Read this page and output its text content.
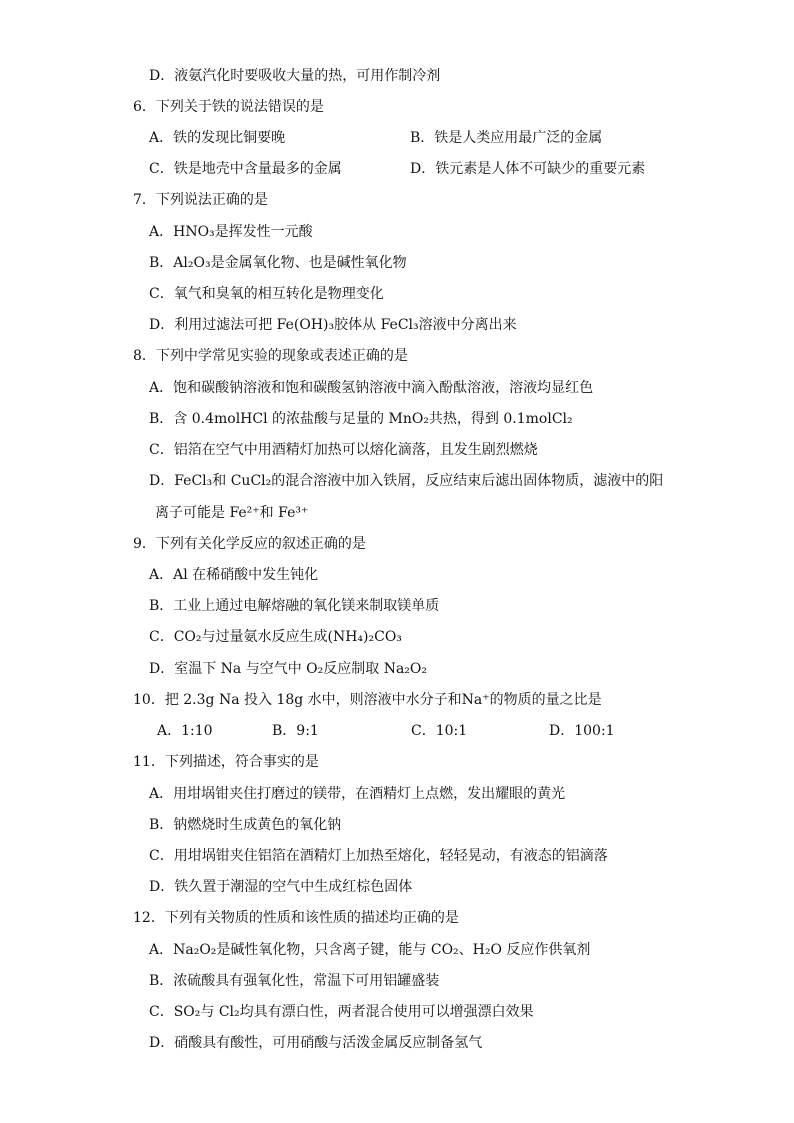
D．液氨汽化时要吸收大量的热，可用作制冷剂
6．下列关于铁的说法错误的是
A．铁的发现比铜要晚	B．铁是人类应用最广泛的金属
C．铁是地壳中含量最多的金属	D．铁元素是人体不可缺少的重要元素
7．下列说法正确的是
A．HNO₃是挥发性一元酸
B．Al₂O₃是金属氧化物、也是碱性氧化物
C．氧气和臭氧的相互转化是物理变化
D．利用过滤法可把 Fe(OH)₃胶体从 FeCl₃溶液中分离出来
8．下列中学常见实验的现象或表述正确的是
A．饱和碳酸钠溶液和饱和碳酸氢钠溶液中滴入酚酞溶液，溶液均显红色
B．含 0.4molHCl 的浓盐酸与足量的 MnO₂共热，得到 0.1molCl₂
C．铝箔在空气中用酒精灯加热可以熔化滴落，且发生剧烈燃烧
D．FeCl₃和 CuCl₂的混合溶液中加入铁屑，反应结束后滤出固体物质，滤液中的阳
离子可能是 Fe²⁺和 Fe³⁺
9．下列有关化学反应的叙述正确的是
A．Al 在稀硝酸中发生钝化
B．工业上通过电解熔融的氧化镁来制取镁单质
C．CO₂与过量氨水反应生成(NH₄)₂CO₃
D．室温下 Na 与空气中 O₂反应制取 Na₂O₂
10．把 2.3g Na 投入 18g 水中，则溶液中水分子和Na⁺的物质的量之比是
A．1:10	B．9:1	C．10:1	D．100:1
11．下列描述，符合事实的是
A．用坩埚钳夹住打磨过的镁带，在酒精灯上点燃，发出耀眼的黄光
B．钠燃烧时生成黄色的氧化钠
C．用坩埚钳夹住铝箔在酒精灯上加热至熔化，轻轻晃动，有液态的铝滴落
D．铁久置于潮湿的空气中生成红棕色固体
12．下列有关物质的性质和该性质的描述均正确的是
A．Na₂O₂是碱性氧化物，只含离子键，能与 CO₂、H₂O 反应作供氧剂
B．浓硫酸具有强氧化性，常温下可用铝罐盛装
C．SO₂与 Cl₂均具有漂白性，两者混合使用可以增强漂白效果
D．硝酸具有酸性，可用硝酸与活泼金属反应制备氢气
